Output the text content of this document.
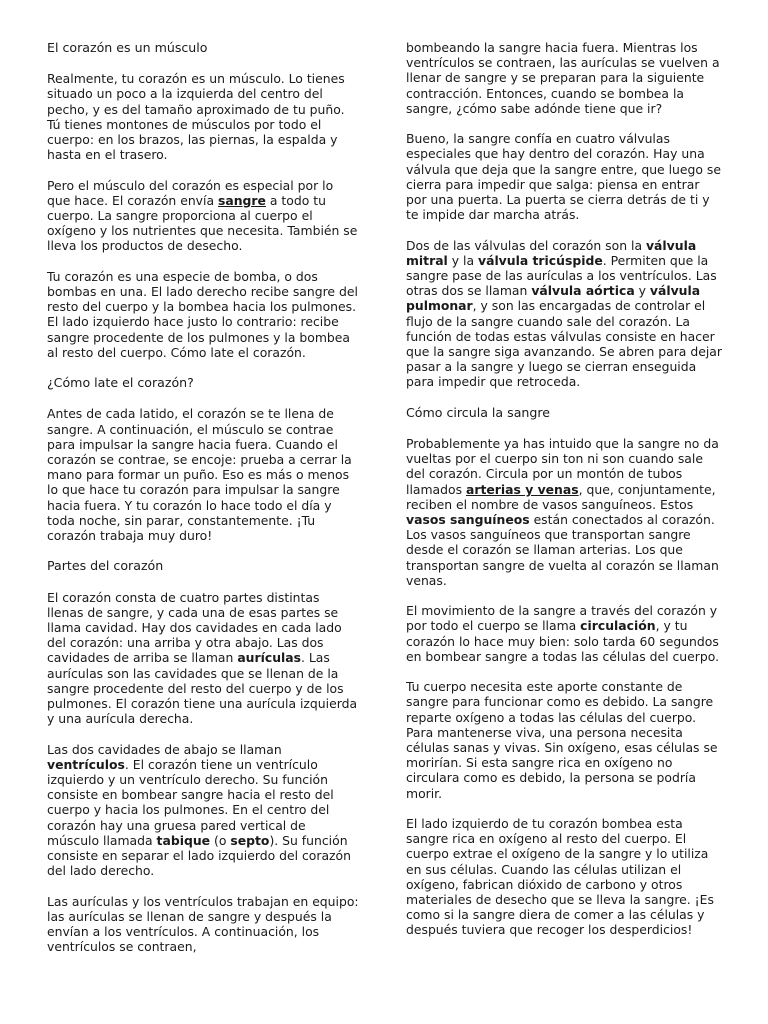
El corazón es un músculo

Realmente, tu corazón es un músculo. Lo tienes situado un poco a la izquierda del centro del pecho, y es del tamaño aproximado de tu puño. Tú tienes montones de músculos por todo el cuerpo: en los brazos, las piernas, la espalda y hasta en el trasero.

Pero el músculo del corazón es especial por lo que hace. El corazón envía sangre a todo tu cuerpo. La sangre proporciona al cuerpo el oxígeno y los nutrientes que necesita. También se lleva los productos de desecho.

Tu corazón es una especie de bomba, o dos bombas en una. El lado derecho recibe sangre del resto del cuerpo y la bombea hacia los pulmones. El lado izquierdo hace justo lo contrario: recibe sangre procedente de los pulmones y la bombea al resto del cuerpo. Cómo late el corazón.

¿Cómo late el corazón?

Antes de cada latido, el corazón se te llena de sangre. A continuación, el músculo se contrae para impulsar la sangre hacia fuera. Cuando el corazón se contrae, se encoje: prueba a cerrar la mano para formar un puño. Eso es más o menos lo que hace tu corazón para impulsar la sangre hacia fuera. Y tu corazón lo hace todo el día y toda noche, sin parar, constantemente. ¡Tu corazón trabaja muy duro!

Partes del corazón

El corazón consta de cuatro partes distintas llenas de sangre, y cada una de esas partes se llama cavidad. Hay dos cavidades en cada lado del corazón: una arriba y otra abajo. Las dos cavidades de arriba se llaman aurículas. Las aurículas son las cavidades que se llenan de la sangre procedente del resto del cuerpo y de los pulmones. El corazón tiene una aurícula izquierda y una aurícula derecha.

Las dos cavidades de abajo se llaman ventrículos. El corazón tiene un ventrículo izquierdo y un ventrículo derecho. Su función consiste en bombear sangre hacia el resto del cuerpo y hacia los pulmones. En el centro del corazón hay una gruesa pared vertical de músculo llamada tabique (o septo). Su función consiste en separar el lado izquierdo del corazón del lado derecho.

Las aurículas y los ventrículos trabajan en equipo: las aurículas se llenan de sangre y después la envían a los ventrículos. A continuación, los ventrículos se contraen,

bombeando la sangre hacia fuera. Mientras los ventrículos se contraen, las aurículas se vuelven a llenar de sangre y se preparan para la siguiente contracción. Entonces, cuando se bombea la sangre, ¿cómo sabe adónde tiene que ir?

Bueno, la sangre confía en cuatro válvulas especiales que hay dentro del corazón. Hay una válvula que deja que la sangre entre, que luego se cierra para impedir que salga: piensa en entrar por una puerta. La puerta se cierra detrás de ti y te impide dar marcha atrás.

Dos de las válvulas del corazón son la válvula mitral y la válvula tricúspide. Permiten que la sangre pase de las aurículas a los ventrículos. Las otras dos se llaman válvula aórtica y válvula pulmonar, y son las encargadas de controlar el flujo de la sangre cuando sale del corazón. La función de todas estas válvulas consiste en hacer que la sangre siga avanzando. Se abren para dejar pasar a la sangre y luego se cierran enseguida para impedir que retroceda.

Cómo circula la sangre

Probablemente ya has intuido que la sangre no da vueltas por el cuerpo sin ton ni son cuando sale del corazón. Circula por un montón de tubos llamados arterias y venas, que, conjuntamente, reciben el nombre de vasos sanguíneos. Estos vasos sanguíneos están conectados al corazón. Los vasos sanguíneos que transportan sangre desde el corazón se llaman arterias. Los que transportan sangre de vuelta al corazón se llaman venas.

El movimiento de la sangre a través del corazón y por todo el cuerpo se llama circulación, y tu corazón lo hace muy bien: solo tarda 60 segundos en bombear sangre a todas las células del cuerpo.

Tu cuerpo necesita este aporte constante de sangre para funcionar como es debido. La sangre reparte oxígeno a todas las células del cuerpo. Para mantenerse viva, una persona necesita células sanas y vivas. Sin oxígeno, esas células se morirían. Si esta sangre rica en oxígeno no circulara como es debido, la persona se podría morir.

El lado izquierdo de tu corazón bombea esta sangre rica en oxígeno al resto del cuerpo. El cuerpo extrae el oxígeno de la sangre y lo utiliza en sus células. Cuando las células utilizan el oxígeno, fabrican dióxido de carbono y otros materiales de desecho que se lleva la sangre. ¡Es como si la sangre diera de comer a las células y después tuviera que recoger los desperdicios!
